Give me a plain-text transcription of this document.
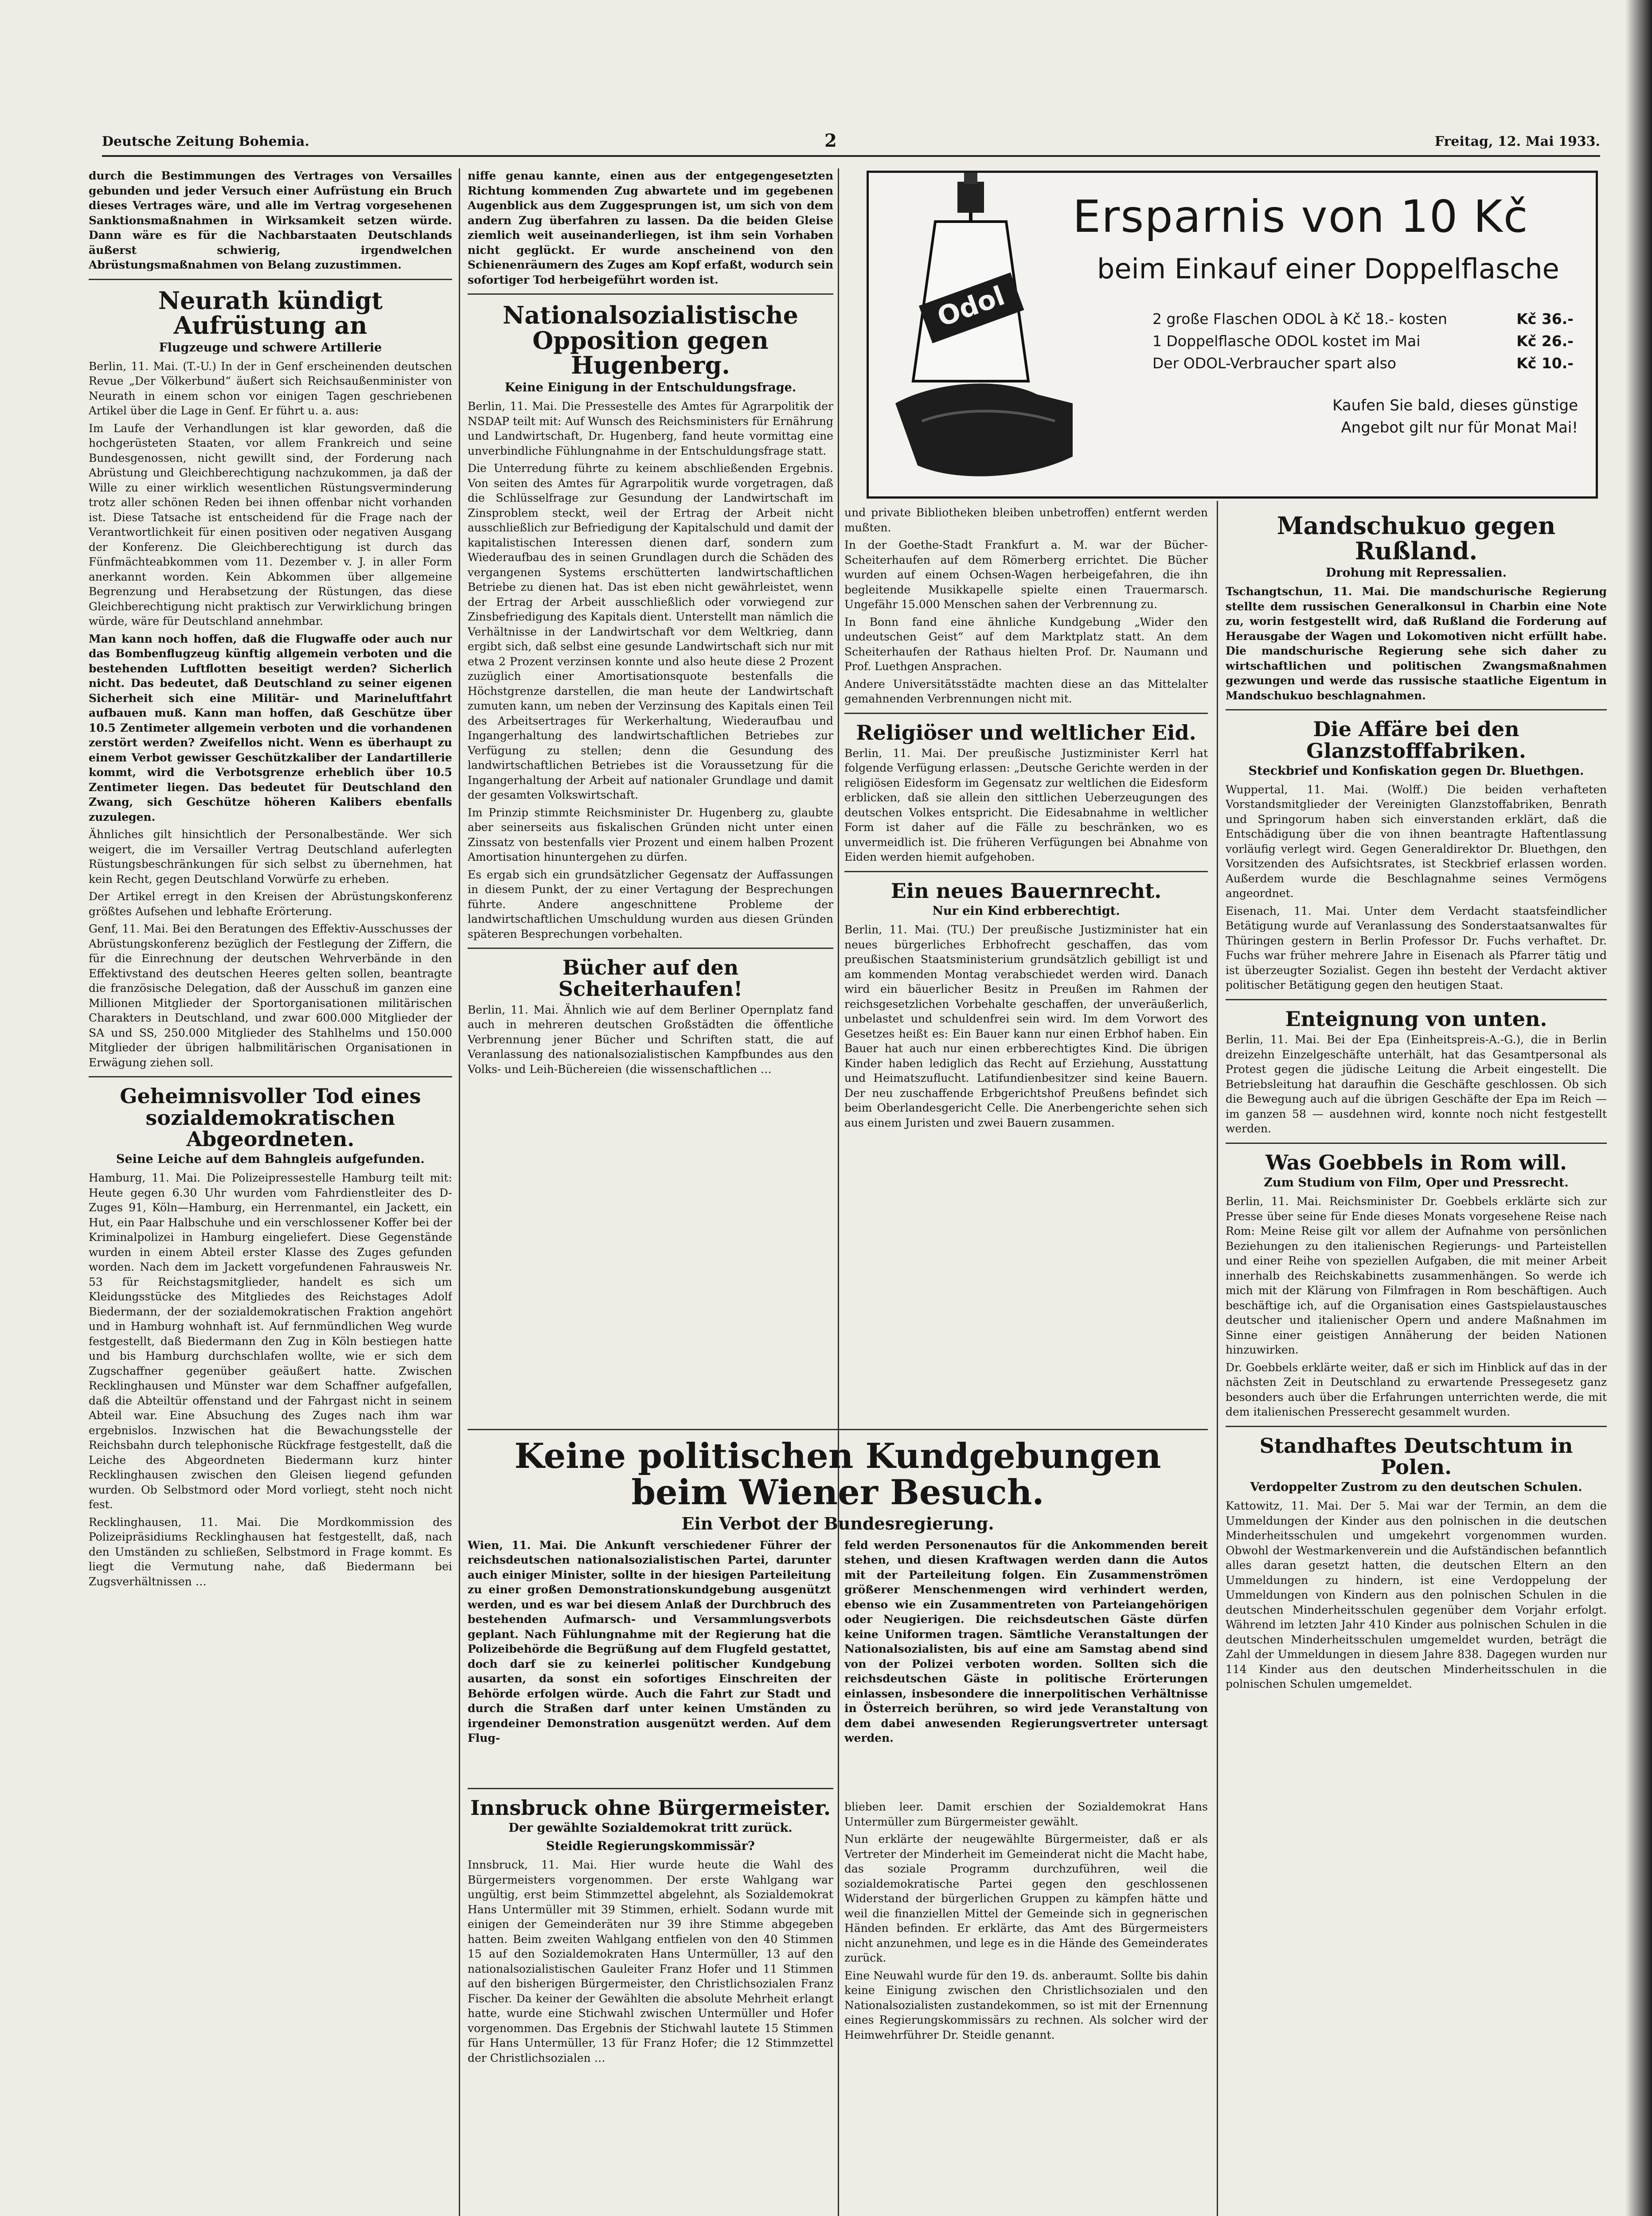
Deutsche Zeitung Bohemia.	2	Freitag, 12. Mai 1933.

durch die Bestimmungen des Vertrages von Versailles gebunden und jeder Versuch einer Aufrüstung ein Bruch dieses Vertrages wäre, und alle im Vertrag vorgesehenen Sanktionsmaßnahmen in Wirksamkeit setzen würde. Dann wäre es für die Nachbarstaaten Deutschlands äußerst schwierig, irgendwelchen Abrüstungsmaßnahmen von Belang zuzustimmen.

Neurath kündigt Aufrüstung an
Flugzeuge und schwere Artillerie

Berlin, 11. Mai. (T.-U.) In der in Genf erscheinenden deutschen Revue „Der Völkerbund“ äußert sich Reichsaußenminister von Neurath in einem schon vor einigen Tagen geschriebenen Artikel über die Lage in Genf. Er führt u. a. aus:

Im Laufe der Verhandlungen ist klar geworden, daß die hochgerüsteten Staaten, vor allem Frankreich und seine Bundesgenossen, nicht gewillt sind, der Forderung nach Abrüstung und Gleichberechtigung nachzukommen, ja daß der Wille zu einer wirklich wesentlichen Rüstungsverminderung trotz aller schönen Reden bei ihnen offenbar nicht vorhanden ist. Diese Tatsache ist entscheidend für die Frage nach der Verantwortlichkeit für einen positiven oder negativen Ausgang der Konferenz. Die Gleichberechtigung ist durch das Fünfmächteabkommen vom 11. Dezember v. J. in aller Form anerkannt worden. Kein Abkommen über allgemeine Begrenzung und Herabsetzung der Rüstungen, das diese Gleichberechtigung nicht praktisch zur Verwirklichung bringen würde, wäre für Deutschland annehmbar.

Man kann noch hoffen, daß die Flugwaffe oder auch nur das Bombenflugzeug künftig allgemein verboten und die bestehenden Luftflotten beseitigt werden? Sicherlich nicht. Das bedeutet, daß Deutschland zu seiner eigenen Sicherheit sich eine Militär- und Marineluftfahrt aufbauen muß. Kann man hoffen, daß Geschütze über 10.5 Zentimeter allgemein verboten und die vorhandenen zerstört werden? Zweifellos nicht. Wenn es überhaupt zu einem Verbot gewisser Geschützkaliber der Landartillerie kommt, wird die Verbotsgrenze erheblich über 10.5 Zentimeter liegen. Das bedeutet für Deutschland den Zwang, sich Geschütze höheren Kalibers ebenfalls zuzulegen.

Ähnliches gilt hinsichtlich der Personalbestände. Wer sich weigert, die im Versailler Vertrag Deutschland auferlegten Rüstungsbeschränkungen für sich selbst zu übernehmen, hat kein Recht, gegen Deutschland Vorwürfe zu erheben.

Der Artikel erregt in den Kreisen der Abrüstungskonferenz größtes Aufsehen und lebhafte Erörterung.

Genf, 11. Mai. Bei den Beratungen des Effektiv-Ausschusses der Abrüstungskonferenz bezüglich der Festlegung der Ziffern, die für die Einrechnung der deutschen Wehrverbände in den Effektivstand des deutschen Heeres gelten sollen, beantragte die französische Delegation, daß der Ausschuß im ganzen eine Millionen Mitglieder der Sportorganisationen militärischen Charakters in Deutschland, und zwar 600.000 Mitglieder der SA und SS, 250.000 Mitglieder des Stahlhelms und 150.000 Mitglieder der übrigen halbmilitärischen Organisationen in Erwägung ziehen soll.

Geheimnisvoller Tod eines sozialdemokratischen Abgeordneten.
Seine Leiche auf dem Bahngleis aufgefunden.

Hamburg, 11. Mai. Die Polizeipressestelle Hamburg teilt mit: Heute gegen 6.30 Uhr wurden vom Fahrdienstleiter des D-Zuges 91, Köln—Hamburg, ein Herrenmantel, ein Jackett, ein Hut, ein Paar Halbschuhe und ein verschlossener Koffer bei der Kriminalpolizei in Hamburg eingeliefert. Diese Gegenstände wurden in einem Abteil erster Klasse des Zuges gefunden worden. Nach dem im Jackett vorgefundenen Fahrausweis Nr. 53 für Reichstagsmitglieder, handelt es sich um Kleidungsstücke des Mitgliedes des Reichstages Adolf Biedermann, der der sozialdemokratischen Fraktion angehört und in Hamburg wohnhaft ist. Auf fernmündlichen Weg wurde festgestellt, daß Biedermann den Zug in Köln bestiegen hatte und bis Hamburg durchschlafen wollte, wie er sich dem Zugschaffner gegenüber geäußert hatte. Zwischen Recklinghausen und Münster war dem Schaffner aufgefallen, daß die Abteiltür offenstand und der Fahrgast nicht in seinem Abteil war. Eine Absuchung des Zuges nach ihm war ergebnislos. Inzwischen hat die Bewachungsstelle der Reichsbahn durch telephonische Rückfrage festgestellt, daß die Leiche des Abgeordneten Biedermann kurz hinter Recklinghausen zwischen den Gleisen liegend gefunden wurden. Ob Selbstmord oder Mord vorliegt, steht noch nicht fest.

Recklinghausen, 11. Mai. Die Mordkommission des Polizeipräsidiums Recklinghausen hat festgestellt, daß, nach den Umständen zu schließen, Selbstmord in Frage kommt. Es liegt die Vermutung nahe, daß Biedermann bei Zugsverhältnissen …

niffe genau kannte, einen aus der entgegengesetzten Richtung kommenden Zug abwartete und im gegebenen Augenblick aus dem Zuggesprungen ist, um sich von dem andern Zug überfahren zu lassen. Da die beiden Gleise ziemlich weit auseinanderliegen, ist ihm sein Vorhaben nicht geglückt. Er wurde anscheinend von den Schienenräumern des Zuges am Kopf erfaßt, wodurch sein sofortiger Tod herbeigeführt worden ist.

Nationalsozialistische Opposition gegen Hugenberg.
Keine Einigung in der Entschuldungsfrage.

Berlin, 11. Mai. Die Pressestelle des Amtes für Agrarpolitik der NSDAP teilt mit: Auf Wunsch des Reichsministers für Ernährung und Landwirtschaft, Dr. Hugenberg, fand heute vormittag eine unverbindliche Fühlungnahme in der Entschuldungsfrage statt.

Die Unterredung führte zu keinem abschließenden Ergebnis. Von seiten des Amtes für Agrarpolitik wurde vorgetragen, daß die Schlüsselfrage zur Gesundung der Landwirtschaft im Zinsproblem steckt, weil der Ertrag der Arbeit nicht ausschließlich zur Befriedigung der Kapitalschuld und damit der kapitalistischen Interessen dienen darf, sondern zum Wiederaufbau des in seinen Grundlagen durch die Schäden des vergangenen Systems erschütterten landwirtschaftlichen Betriebe zu dienen hat. Das ist eben nicht gewährleistet, wenn der Ertrag der Arbeit ausschließlich oder vorwiegend zur Zinsbefriedigung des Kapitals dient. Unterstellt man nämlich die Verhältnisse in der Landwirtschaft vor dem Weltkrieg, dann ergibt sich, daß selbst eine gesunde Landwirtschaft sich nur mit etwa 2 Prozent verzinsen konnte und also heute diese 2 Prozent zuzüglich einer Amortisationsquote bestenfalls die Höchstgrenze darstellen, die man heute der Landwirtschaft zumuten kann, um neben der Verzinsung des Kapitals einen Teil des Arbeitsertrages für Werkerhaltung, Wiederaufbau und Ingangerhaltung des landwirtschaftlichen Betriebes zur Verfügung zu stellen; denn die Gesundung des landwirtschaftlichen Betriebes ist die Voraussetzung für die Ingangerhaltung der Arbeit auf nationaler Grundlage und damit der gesamten Volkswirtschaft.

Im Prinzip stimmte Reichsminister Dr. Hugenberg zu, glaubte aber seinerseits aus fiskalischen Gründen nicht unter einen Zinssatz von bestenfalls vier Prozent und einem halben Prozent Amortisation hinuntergehen zu dürfen.

Es ergab sich ein grundsätzlicher Gegensatz der Auffassungen in diesem Punkt, der zu einer Vertagung der Besprechungen führte. Andere angeschnittene Probleme der landwirtschaftlichen Umschuldung wurden aus diesen Gründen späteren Besprechungen vorbehalten.

Bücher auf den Scheiterhaufen!

Berlin, 11. Mai. Ähnlich wie auf dem Berliner Opernplatz fand auch in mehreren deutschen Großstädten die öffentliche Verbrennung jener Bücher und Schriften statt, die auf Veranlassung des nationalsozialistischen Kampfbundes aus den Volks- und Leih-Büchereien (die wissenschaftlichen …

und private Bibliotheken bleiben unbetroffen) entfernt werden mußten.

In der Goethe-Stadt Frankfurt a. M. war der Bücher-Scheiterhaufen auf dem Römerberg errichtet. Die Bücher wurden auf einem Ochsen-Wagen herbeigefahren, die ihn begleitende Musikkapelle spielte einen Trauermarsch. Ungefähr 15.000 Menschen sahen der Verbrennung zu.

In Bonn fand eine ähnliche Kundgebung „Wider den undeutschen Geist“ auf dem Marktplatz statt. An dem Scheiterhaufen der Rathaus hielten Prof. Dr. Naumann und Prof. Luethgen Ansprachen.

Andere Universitätsstädte machten diese an das Mittelalter gemahnenden Verbrennungen nicht mit.

Religiöser und weltlicher Eid.

Berlin, 11. Mai. Der preußische Justizminister Kerrl hat folgende Verfügung erlassen: „Deutsche Gerichte werden in der religiösen Eidesform im Gegensatz zur weltlichen die Eidesform erblicken, daß sie allein den sittlichen Ueberzeugungen des deutschen Volkes entspricht. Die Eidesabnahme in weltlicher Form ist daher auf die Fälle zu beschränken, wo es unvermeidlich ist. Die früheren Verfügungen bei Abnahme von Eiden werden hiemit aufgehoben.

Ein neues Bauernrecht.
Nur ein Kind erbberechtigt.

Berlin, 11. Mai. (TU.) Der preußische Justizminister hat ein neues bürgerliches Erbhofrecht geschaffen, das vom preußischen Staatsministerium grundsätzlich gebilligt ist und am kommenden Montag verabschiedet werden wird. Danach wird ein bäuerlicher Besitz in Preußen im Rahmen der reichsgesetzlichen Vorbehalte geschaffen, der unveräußerlich, unbelastet und schuldenfrei sein wird. Im dem Vorwort des Gesetzes heißt es: Ein Bauer kann nur einen Erbhof haben. Ein Bauer hat auch nur einen erbberechtigtes Kind. Die übrigen Kinder haben lediglich das Recht auf Erziehung, Ausstattung und Heimatszuflucht. Latifundienbesitzer sind keine Bauern. Der neu zuschaffende Erbgerichtshof Preußens befindet sich beim Oberlandesgericht Celle. Die Anerbengerichte sehen sich aus einem Juristen und zwei Bauern zusammen.

Keine politischen Kundgebungen beim Wiener Besuch.
Ein Verbot der Bundesregierung.

Wien, 11. Mai. Die Ankunft verschiedener Führer der reichsdeutschen nationalsozialistischen Partei, darunter auch einiger Minister, sollte in der hiesigen Parteileitung zu einer großen Demonstrationskundgebung ausgenützt werden, und es war bei diesem Anlaß der Durchbruch des bestehenden Aufmarsch- und Versammlungsverbots geplant. Nach Fühlungnahme mit der Regierung hat die Polizeibehörde die Begrüßung auf dem Flugfeld gestattet, doch darf sie zu keinerlei politischer Kundgebung ausarten, da sonst ein sofortiges Einschreiten der Behörde erfolgen würde. Auch die Fahrt zur Stadt und durch die Straßen darf unter keinen Umständen zu irgendeiner Demonstration ausgenützt werden. Auf dem Flug-

feld werden Personenautos für die Ankommenden bereit stehen, und diesen Kraftwagen werden dann die Autos mit der Parteileitung folgen. Ein Zusammenströmen größerer Menschenmengen wird verhindert werden, ebenso wie ein Zusammentreten von Parteiangehörigen oder Neugierigen. Die reichsdeutschen Gäste dürfen keine Uniformen tragen. Sämtliche Veranstaltungen der Nationalsozialisten, bis auf eine am Samstag abend sind von der Polizei verboten worden. Sollten sich die reichsdeutschen Gäste in politische Erörterungen einlassen, insbesondere die innerpolitischen Verhältnisse in Österreich berühren, so wird jede Veranstaltung von dem dabei anwesenden Regierungsvertreter untersagt werden.

Innsbruck ohne Bürgermeister.
Der gewählte Sozialdemokrat tritt zurück.
Steidle Regierungskommissär?

Innsbruck, 11. Mai. Hier wurde heute die Wahl des Bürgermeisters vorgenommen. Der erste Wahlgang war ungültig, erst beim Stimmzettel abgelehnt, als Sozialdemokrat Hans Untermüller mit 39 Stimmen, erhielt. Sodann wurde mit einigen der Gemeinderäten nur 39 ihre Stimme abgegeben hatten. Beim zweiten Wahlgang entfielen von den 40 Stimmen 15 auf den Sozialdemokraten Hans Untermüller, 13 auf den nationalsozialistischen Gauleiter Franz Hofer und 11 Stimmen auf den bisherigen Bürgermeister, den Christlichsozialen Franz Fischer. Da keiner der Gewählten die absolute Mehrheit erlangt hatte, wurde eine Stichwahl zwischen Untermüller und Hofer vorgenommen. Das Ergebnis der Stichwahl lautete 15 Stimmen für Hans Untermüller, 13 für Franz Hofer; die 12 Stimmzettel der Christlichsozialen …

blieben leer. Damit erschien der Sozialdemokrat Hans Untermüller zum Bürgermeister gewählt.

Nun erklärte der neugewählte Bürgermeister, daß er als Vertreter der Minderheit im Gemeinderat nicht die Macht habe, das soziale Programm durchzuführen, weil die sozialdemokratische Partei gegen den geschlossenen Widerstand der bürgerlichen Gruppen zu kämpfen hätte und weil die finanziellen Mittel der Gemeinde sich in gegnerischen Händen befinden. Er erklärte, das Amt des Bürgermeisters nicht anzunehmen, und lege es in die Hände des Gemeinderates zurück.

Eine Neuwahl wurde für den 19. ds. anberaumt. Sollte bis dahin keine Einigung zwischen den Christlichsozialen und den Nationalsozialisten zustandekommen, so ist mit der Ernennung eines Regierungskommissärs zu rechnen. Als solcher wird der Heimwehrführer Dr. Steidle genannt.

Mandschukuo gegen Rußland.
Drohung mit Repressalien.

Tschangtschun, 11. Mai. Die mandschurische Regierung stellte dem russischen Generalkonsul in Charbin eine Note zu, worin festgestellt wird, daß Rußland die Forderung auf Herausgabe der Wagen und Lokomotiven nicht erfüllt habe. Die mandschurische Regierung sehe sich daher zu wirtschaftlichen und politischen Zwangsmaßnahmen gezwungen und werde das russische staatliche Eigentum in Mandschukuo beschlagnahmen.

Die Affäre bei den Glanzstofffabriken.
Steckbrief und Konfiskation gegen Dr. Bluethgen.

Wuppertal, 11. Mai. (Wolff.) Die beiden verhafteten Vorstandsmitglieder der Vereinigten Glanzstoffabriken, Benrath und Springorum haben sich einverstanden erklärt, daß die Entschädigung über die von ihnen beantragte Haftentlassung vorläufig verlegt wird. Gegen Generaldirektor Dr. Bluethgen, den Vorsitzenden des Aufsichtsrates, ist Steckbrief erlassen worden. Außerdem wurde die Beschlagnahme seines Vermögens angeordnet.

Eisenach, 11. Mai. Unter dem Verdacht staatsfeindlicher Betätigung wurde auf Veranlassung des Sonderstaatsanwaltes für Thüringen gestern in Berlin Professor Dr. Fuchs verhaftet. Dr. Fuchs war früher mehrere Jahre in Eisenach als Pfarrer tätig und ist überzeugter Sozialist. Gegen ihn besteht der Verdacht aktiver politischer Betätigung gegen den heutigen Staat.

Enteignung von unten.

Berlin, 11. Mai. Bei der Epa (Einheitspreis-A.-G.), die in Berlin dreizehn Einzelgeschäfte unterhält, hat das Gesamtpersonal als Protest gegen die jüdische Leitung die Arbeit eingestellt. Die Betriebsleitung hat daraufhin die Geschäfte geschlossen. Ob sich die Bewegung auch auf die übrigen Geschäfte der Epa im Reich — im ganzen 58 — ausdehnen wird, konnte noch nicht festgestellt werden.

Was Goebbels in Rom will.
Zum Studium von Film, Oper und Pressrecht.

Berlin, 11. Mai. Reichsminister Dr. Goebbels erklärte sich zur Presse über seine für Ende dieses Monats vorgesehene Reise nach Rom: Meine Reise gilt vor allem der Aufnahme von persönlichen Beziehungen zu den italienischen Regierungs- und Parteistellen und einer Reihe von speziellen Aufgaben, die mit meiner Arbeit innerhalb des Reichskabinetts zusammenhängen. So werde ich mich mit der Klärung von Filmfragen in Rom beschäftigen. Auch beschäftige ich, auf die Organisation eines Gastspielaustausches deutscher und italienischer Opern und andere Maßnahmen im Sinne einer geistigen Annäherung der beiden Nationen hinzuwirken.

Dr. Goebbels erklärte weiter, daß er sich im Hinblick auf das in der nächsten Zeit in Deutschland zu erwartende Pressegesetz ganz besonders auch über die Erfahrungen unterrichten werde, die mit dem italienischen Presserecht gesammelt wurden.

Standhaftes Deutschtum in Polen.
Verdoppelter Zustrom zu den deutschen Schulen.

Kattowitz, 11. Mai. Der 5. Mai war der Termin, an dem die Ummeldungen der Kinder aus den polnischen in die deutschen Minderheitsschulen und umgekehrt vorgenommen wurden. Obwohl der Westmarkenverein und die Aufständischen befanntlich alles daran gesetzt hatten, die deutschen Eltern an den Ummeldungen zu hindern, ist eine Verdoppelung der Ummeldungen von Kindern aus den polnischen Schulen in die deutschen Minderheitsschulen gegenüber dem Vorjahr erfolgt. Während im letzten Jahr 410 Kinder aus polnischen Schulen in die deutschen Minderheitsschulen umgemeldet wurden, beträgt die Zahl der Ummeldungen in diesem Jahre 838. Dagegen wurden nur 114 Kinder aus den deutschen Minderheitsschulen in die polnischen Schulen umgemeldet.

Odol
Ersparnis von 10 Kč
beim Einkauf einer Doppelflasche
2 große Flaschen ODOL à Kč 18.- kosten	Kč 36.-
1 Doppelflasche ODOL kostet im Mai	Kč 26.-
Der ODOL-Verbraucher spart also	Kč 10.-
Kaufen Sie bald, dieses günstige
Angebot gilt nur für Monat Mai!
